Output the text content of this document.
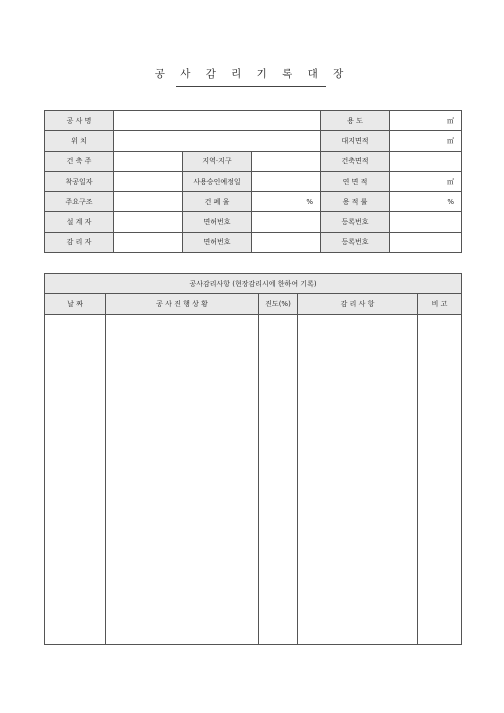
공 사 감 리 기 록 대 장
공 사 명				용 도	㎡
위 치				대지면적	㎡
건 축 주		지역·지구		건축면적	
착공일자		사용승인예정일		연 면 적	㎡
주요구조		건 폐 율	%	용 적 률	%
설 계 자		면허번호		등록번호	
감 리 자		면허번호		등록번호	
공사감리사항 (현장감리시에 한하여 기록)				
날 짜	공 사 진 행 상 황	진도(%)	감 리 사 항	비 고
